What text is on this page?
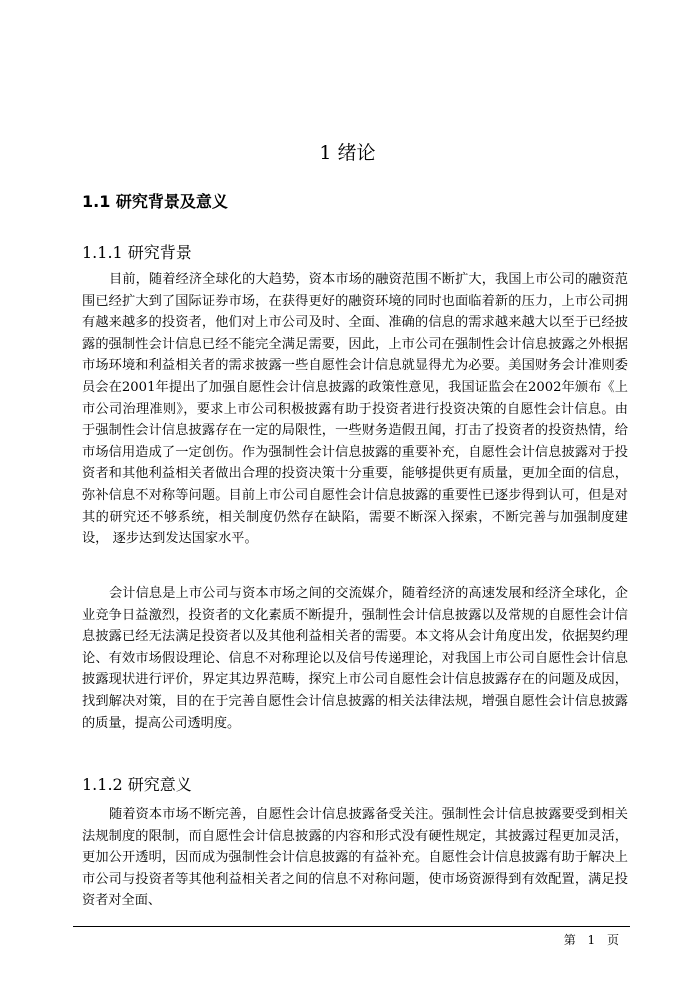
1 绪论
1.1 研究背景及意义
1.1.1 研究背景

目前，随着经济全球化的大趋势，资本市场的融资范围不断扩大，我国上市公司的融资范围已经扩大到了国际证券市场，在获得更好的融资环境的同时也面临着新的压力，上市公司拥有越来越多的投资者，他们对上市公司及时、全面、准确的信息的需求越来越大以至于已经披露的强制性会计信息已经不能完全满足需要，因此，上市公司在强制性会计信息披露之外根据市场环境和利益相关者的需求披露一些自愿性会计信息就显得尤为必要。美国财务会计准则委员会在2001年提出了加强自愿性会计信息披露的政策性意见，我国证监会在2002年颁布《上市公司治理准则》，要求上市公司积极披露有助于投资者进行投资决策的自愿性会计信息。由于强制性会计信息披露存在一定的局限性，一些财务造假丑闻，打击了投资者的投资热情，给市场信用造成了一定创伤。作为强制性会计信息披露的重要补充，自愿性会计信息披露对于投资者和其他利益相关者做出合理的投资决策十分重要，能够提供更有质量，更加全面的信息，弥补信息不对称等问题。目前上市公司自愿性会计信息披露的重要性已逐步得到认可，但是对其的研究还不够系统，相关制度仍然存在缺陷，需要不断深入探索，不断完善与加强制度建设， 逐步达到发达国家水平。

会计信息是上市公司与资本市场之间的交流媒介，随着经济的高速发展和经济全球化，企业竞争日益激烈，投资者的文化素质不断提升，强制性会计信息披露以及常规的自愿性会计信息披露已经无法满足投资者以及其他利益相关者的需要。本文将从会计角度出发，依据契约理论、有效市场假设理论、信息不对称理论以及信号传递理论，对我国上市公司自愿性会计信息披露现状进行评价，界定其边界范畴，探究上市公司自愿性会计信息披露存在的问题及成因，找到解决对策，目的在于完善自愿性会计信息披露的相关法律法规，增强自愿性会计信息披露的质量，提高公司透明度。

1.1.2 研究意义

随着资本市场不断完善，自愿性会计信息披露备受关注。强制性会计信息披露要受到相关法规制度的限制，而自愿性会计信息披露的内容和形式没有硬性规定，其披露过程更加灵活，更加公开透明，因而成为强制性会计信息披露的有益补充。自愿性会计信息披露有助于解决上市公司与投资者等其他利益相关者之间的信息不对称问题，使市场资源得到有效配置，满足投资者对全面、

第 1 页
